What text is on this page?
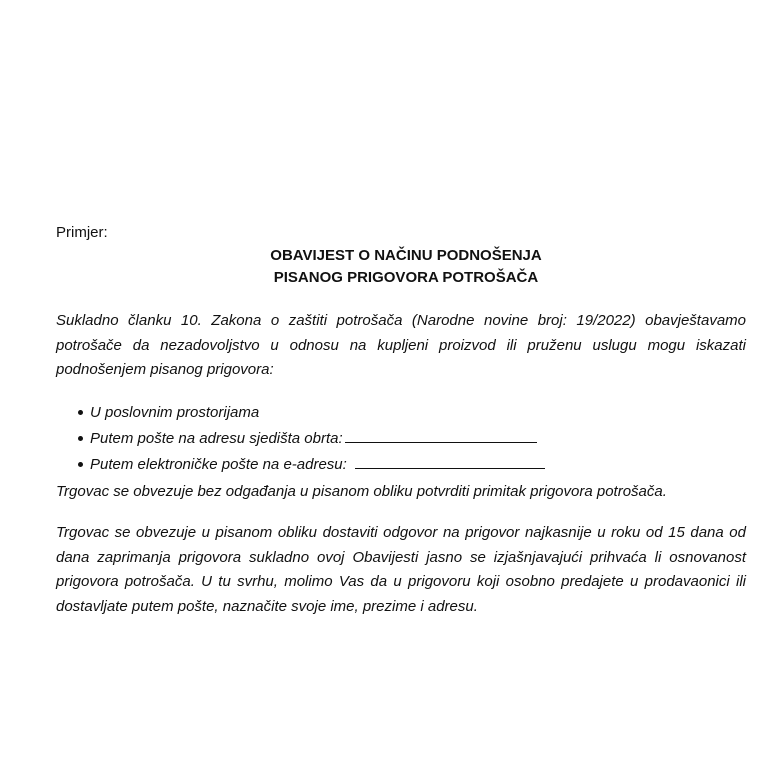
Primjer:
OBAVIJEST O NAČINU PODNOŠENJA
PISANOG PRIGOVORA POTROŠAČA
Sukladno članku 10. Zakona o zaštiti potrošača (Narodne novine broj: 19/2022) obavještavamo potrošače da nezadovoljstvo u odnosu na kupljeni proizvod ili pruženu uslugu mogu iskazati podnošenjem pisanog prigovora:
U poslovnim prostorijama
Putem pošte na adresu sjedišta obrta:
Putem elektroničke pošte na e-adresu:
Trgovac se obvezuje bez odgađanja u pisanom obliku potvrditi primitak prigovora potrošača.
Trgovac se obvezuje u pisanom obliku dostaviti odgovor na prigovor najkasnije u roku od 15 dana od dana zaprimanja prigovora sukladno ovoj Obavijesti jasno se izjašnjavajući prihvaća li osnovanost prigovora potrošača. U tu svrhu, molimo Vas da u prigovoru koji osobno predajete u prodavaonici ili dostavljate putem pošte, naznačite svoje ime, prezime i adresu.
